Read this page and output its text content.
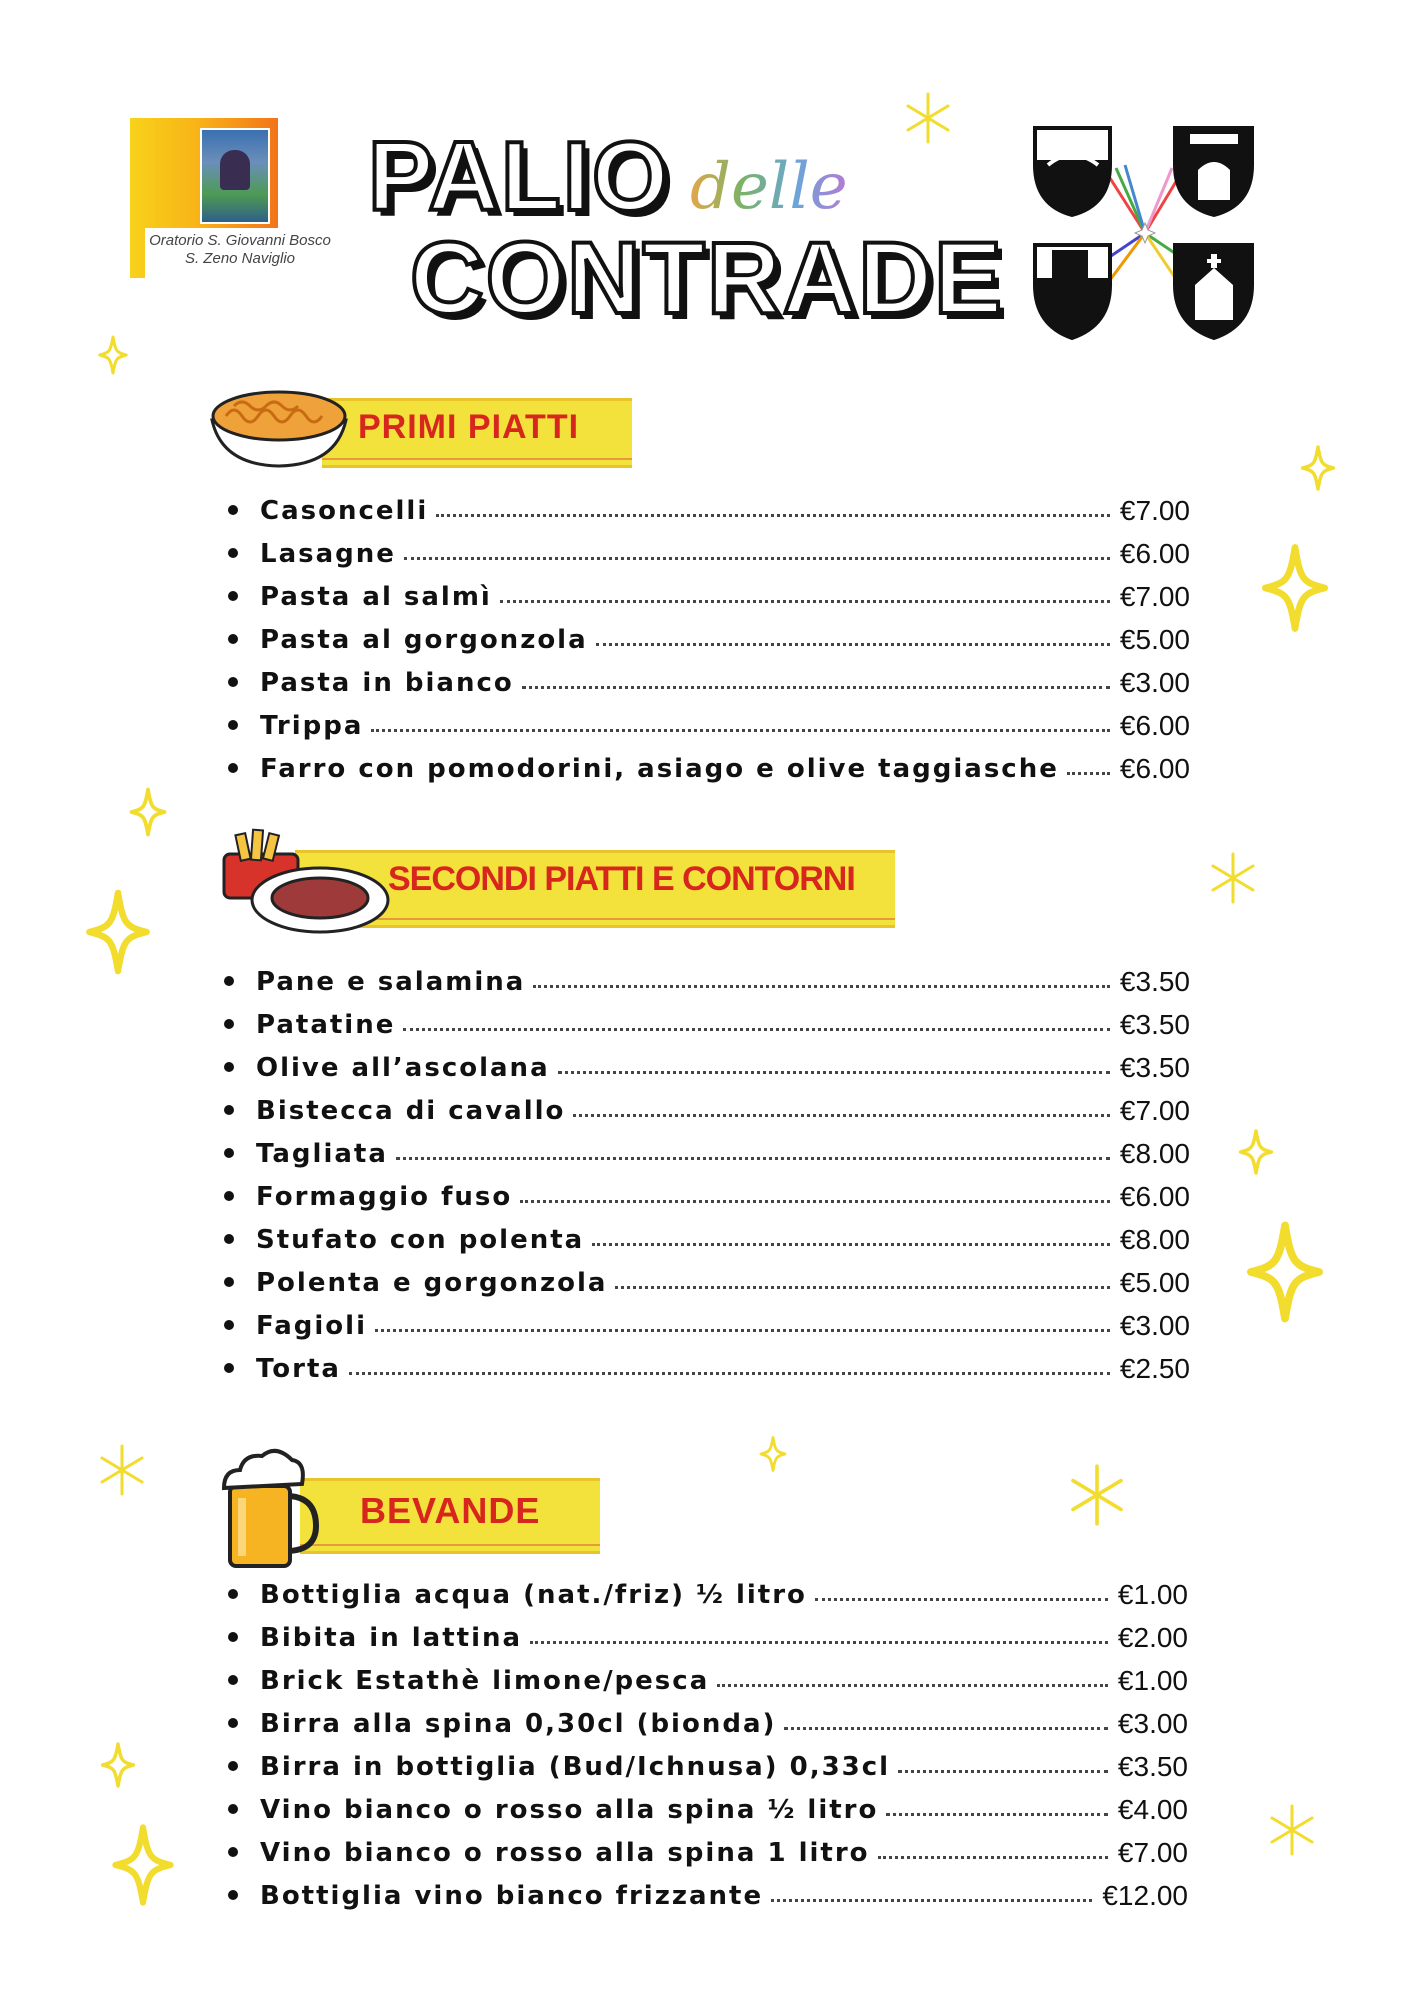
Oratorio S. Giovanni Bosco
S. Zeno Naviglio
PALIO delle
CONTRADE
PRIMI PIATTI
Casoncelli	€7.00
Lasagne	€6.00
Pasta al salmì	€7.00
Pasta al gorgonzola	€5.00
Pasta in bianco	€3.00
Trippa	€6.00
Farro con pomodorini, asiago e olive taggiasche €6.00
SECONDI PIATTI E CONTORNI
Pane e salamina	€3.50
Patatine	€3.50
Olive all’ascolana	€3.50
Bistecca di cavallo	€7.00
Tagliata	€8.00
Formaggio fuso	€6.00
Stufato con polenta	€8.00
Polenta e gorgonzola	€5.00
Fagioli	€3.00
Torta	€2.50
BEVANDE
Bottiglia acqua (nat./friz) ½ litro	€1.00
Bibita in lattina	€2.00
Brick Estathè limone/pesca	€1.00
Birra alla spina 0,30cl (bionda)	€3.00
Birra in bottiglia (Bud/Ichnusa) 0,33cl	€3.50
Vino bianco o rosso alla spina ½ litro	€4.00
Vino bianco o rosso alla spina 1 litro	€7.00
Bottiglia vino bianco frizzante	€12.00
